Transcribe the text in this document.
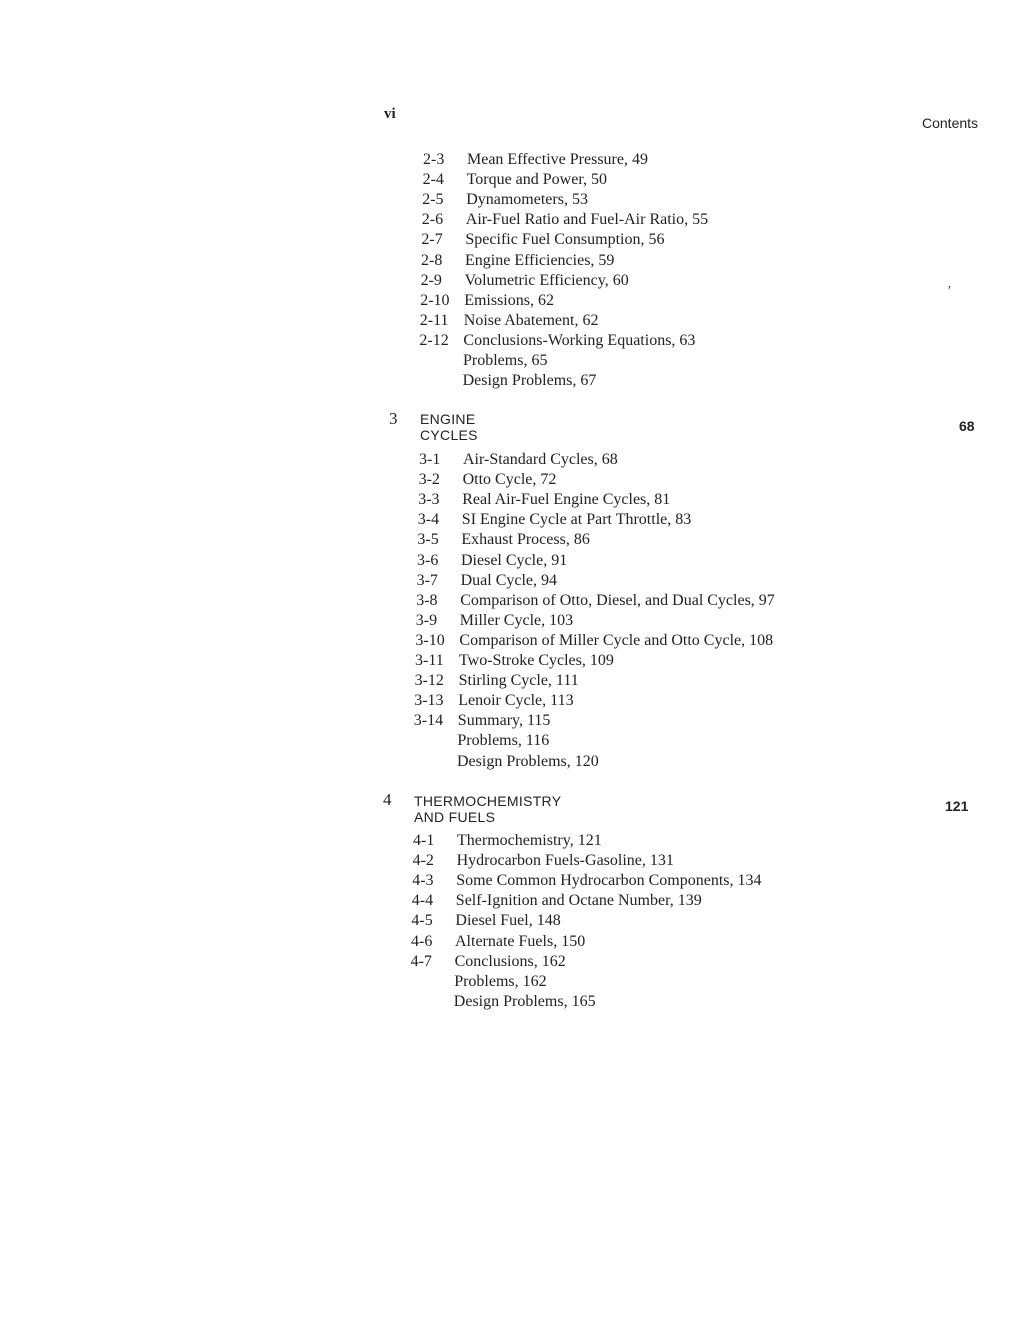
vi
Contents
,
2-3 Mean Effective Pressure, 49
2-4 Torque and Power, 50
2-5 Dynamometers, 53
2-6 Air-Fuel Ratio and Fuel-Air Ratio, 55
2-7 Specific Fuel Consumption, 56
2-8 Engine Efficiencies, 59
2-9 Volumetric Efficiency, 60
2-10 Emissions, 62
2-11 Noise Abatement, 62
2-12 Conclusions-Working Equations, 63
Problems, 65
Design Problems, 67
3 ENGINE CYCLES
68
3-1 Air-Standard Cycles, 68
3-2 Otto Cycle, 72
3-3 Real Air-Fuel Engine Cycles, 81
3-4 SI Engine Cycle at Part Throttle, 83
3-5 Exhaust Process, 86
3-6 Diesel Cycle, 91
3-7 Dual Cycle, 94
3-8 Comparison of Otto, Diesel, and Dual Cycles, 97
3-9 Miller Cycle, 103
3-10 Comparison of Miller Cycle and Otto Cycle, 108
3-11 Two-Stroke Cycles, 109
3-12 Stirling Cycle, 111
3-13 Lenoir Cycle, 113
3-14 Summary, 115
Problems, 116
Design Problems, 120
4 THERMOCHEMISTRY AND FUELS
121
4-1 Thermochemistry, 121
4-2 Hydrocarbon Fuels-Gasoline, 131
4-3 Some Common Hydrocarbon Components, 134
4-4 Self-Ignition and Octane Number, 139
4-5 Diesel Fuel, 148
4-6 Alternate Fuels, 150
4-7 Conclusions, 162
Problems, 162
Design Problems, 165
